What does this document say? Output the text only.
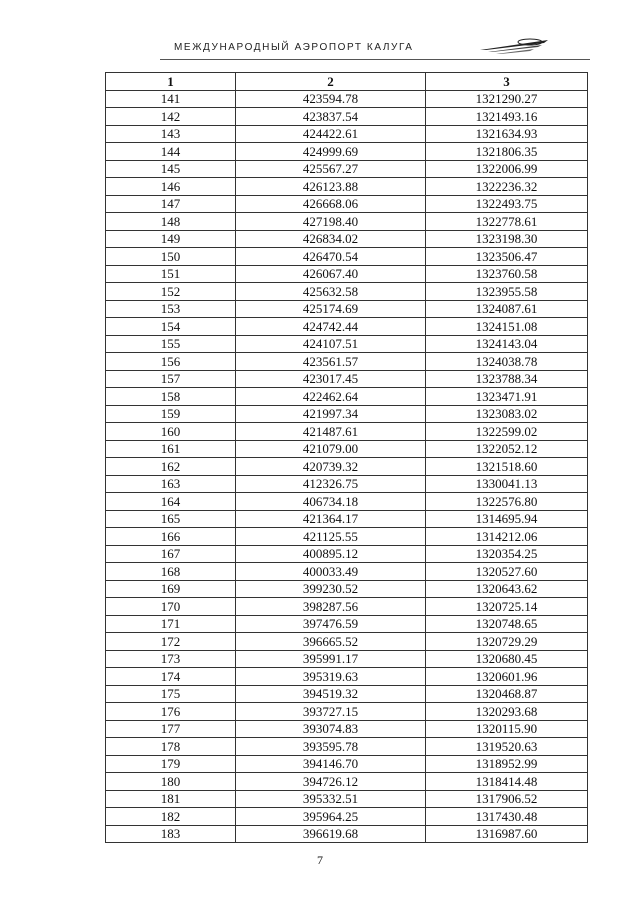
МЕЖДУНАРОДНЫЙ АЭРОПОРТ КАЛУГА
1	2	3
141	423594.78	1321290.27
142	423837.54	1321493.16
143	424422.61	1321634.93
144	424999.69	1321806.35
145	425567.27	1322006.99
146	426123.88	1322236.32
147	426668.06	1322493.75
148	427198.40	1322778.61
149	426834.02	1323198.30
150	426470.54	1323506.47
151	426067.40	1323760.58
152	425632.58	1323955.58
153	425174.69	1324087.61
154	424742.44	1324151.08
155	424107.51	1324143.04
156	423561.57	1324038.78
157	423017.45	1323788.34
158	422462.64	1323471.91
159	421997.34	1323083.02
160	421487.61	1322599.02
161	421079.00	1322052.12
162	420739.32	1321518.60
163	412326.75	1330041.13
164	406734.18	1322576.80
165	421364.17	1314695.94
166	421125.55	1314212.06
167	400895.12	1320354.25
168	400033.49	1320527.60
169	399230.52	1320643.62
170	398287.56	1320725.14
171	397476.59	1320748.65
172	396665.52	1320729.29
173	395991.17	1320680.45
174	395319.63	1320601.96
175	394519.32	1320468.87
176	393727.15	1320293.68
177	393074.83	1320115.90
178	393595.78	1319520.63
179	394146.70	1318952.99
180	394726.12	1318414.48
181	395332.51	1317906.52
182	395964.25	1317430.48
183	396619.68	1316987.60
7
